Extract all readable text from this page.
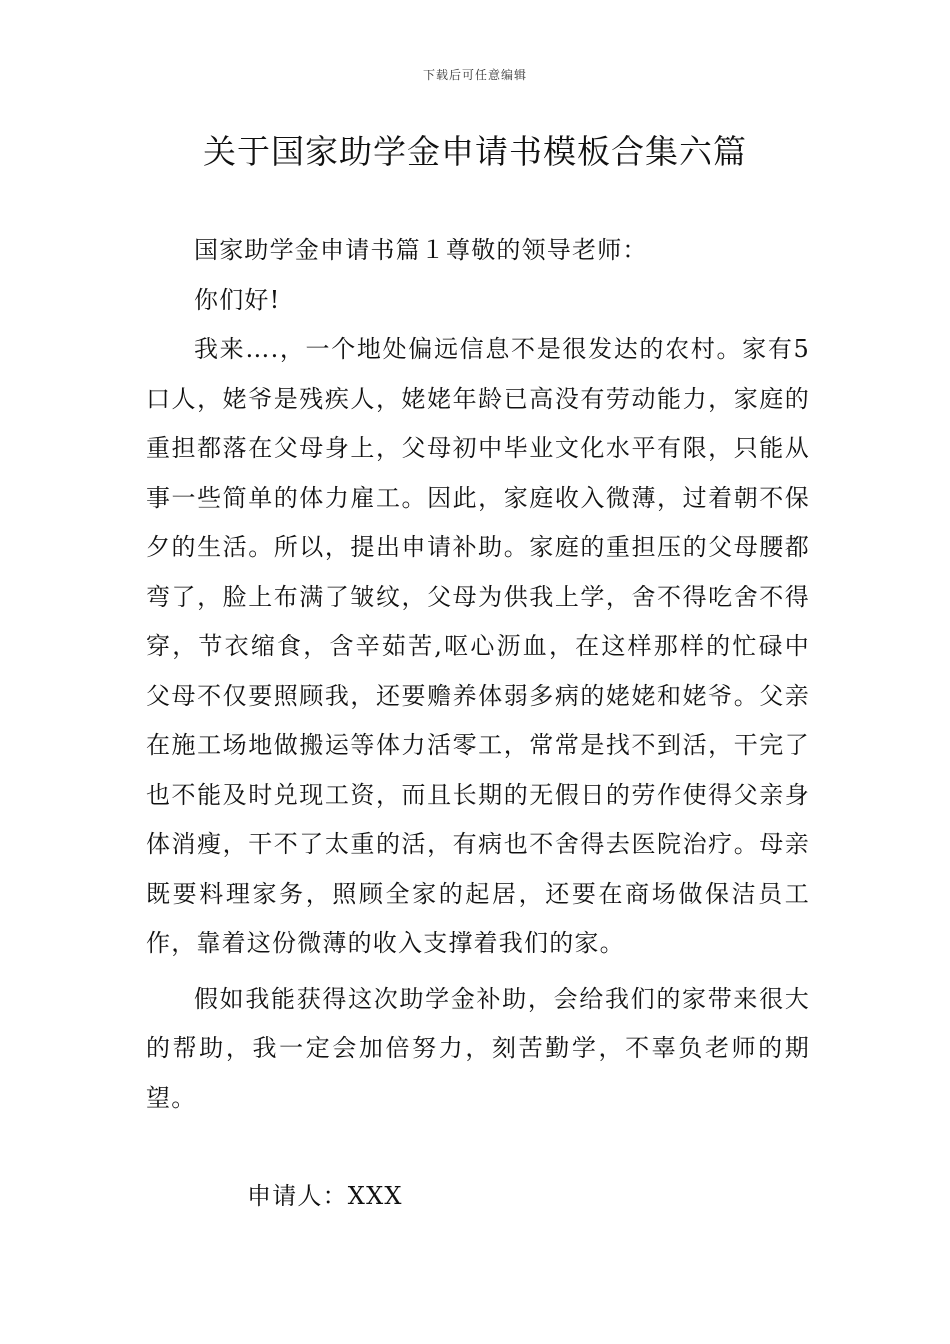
下载后可任意编辑
关于国家助学金申请书模板合集六篇

国家助学金申请书篇１尊敬的领导老师：

你们好!

我来….，一个地处偏远信息不是很发达的农村。家有5口人，姥爷是残疾人，姥姥年龄已高没有劳动能力，家庭的重担都落在父母身上，父母初中毕业文化水平有限，只能从事一些简单的体力雇工。因此，家庭收入微薄，过着朝不保夕的生活。所以，提出申请补助。家庭的重担压的父母腰都弯了，脸上布满了皱纹，父母为供我上学，舍不得吃舍不得穿，节衣缩食，含辛茹苦,呕心沥血，在这样那样的忙碌中父母不仅要照顾我，还要赡养体弱多病的姥姥和姥爷。父亲在施工场地做搬运等体力活零工，常常是找不到活，干完了也不能及时兑现工资，而且长期的无假日的劳作使得父亲身体消瘦，干不了太重的活，有病也不舍得去医院治疗。母亲既要料理家务，照顾全家的起居，还要在商场做保洁员工作，靠着这份微薄的收入支撑着我们的家。

假如我能获得这次助学金补助，会给我们的家带来很大的帮助，我一定会加倍努力，刻苦勤学，不辜负老师的期望。

申请人：XXX
